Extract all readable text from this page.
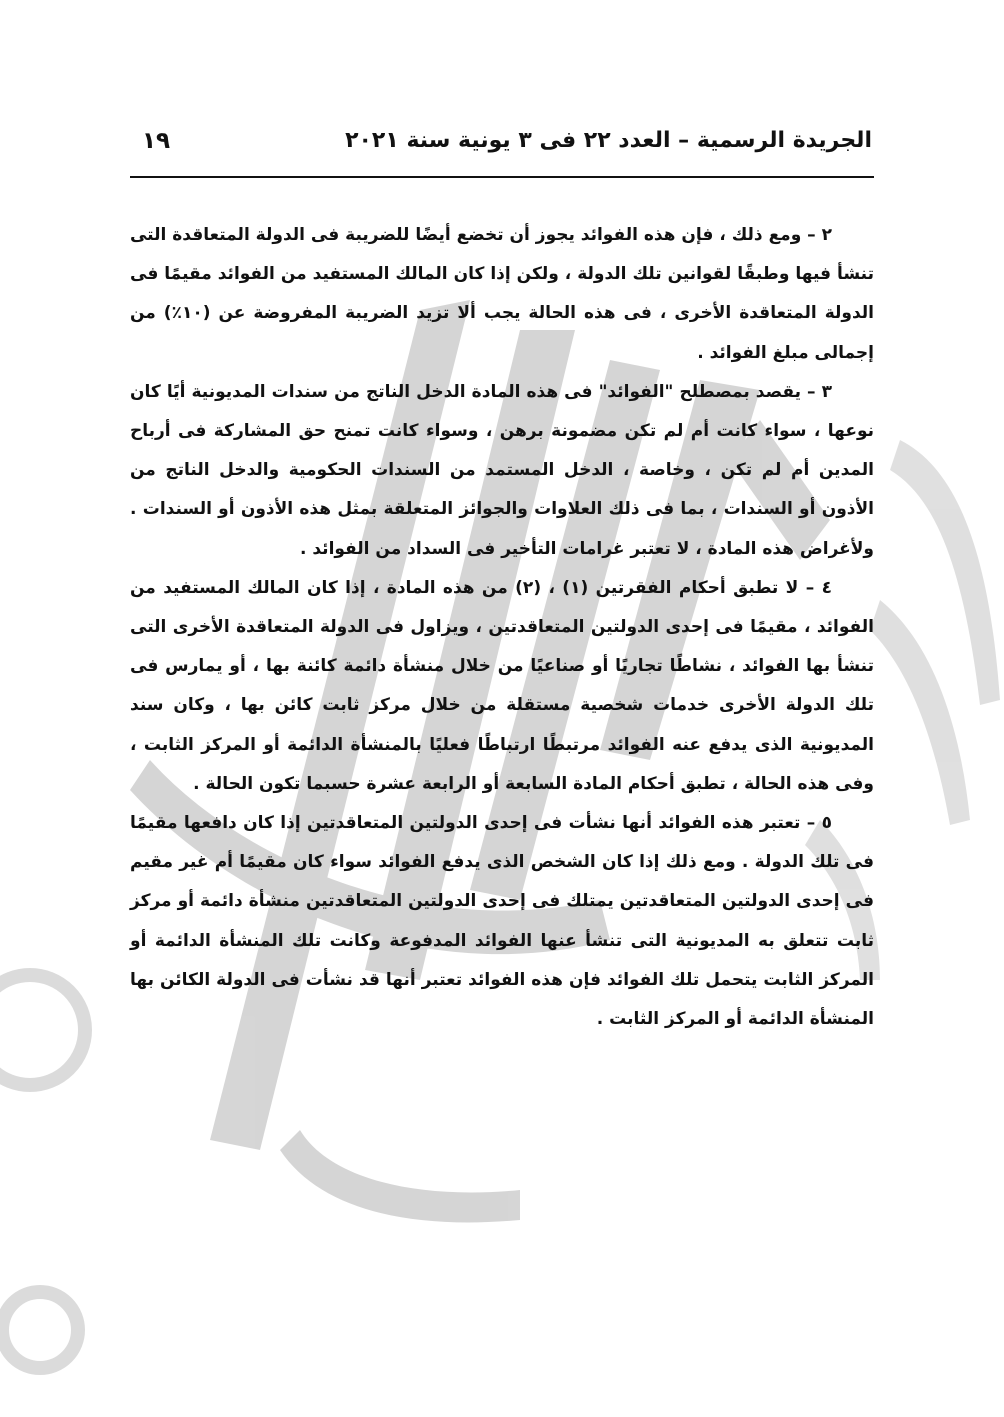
الجريدة الرسمية – العدد ٢٢ فى ٣ يونية سنة ٢٠٢١
١٩

٢ – ومع ذلك ، فإن هذه الفوائد يجوز أن تخضع أيضًا للضريبة فى الدولة المتعاقدة التى تنشأ فيها وطبقًا لقوانين تلك الدولة ، ولكن إذا كان المالك المستفيد من الفوائد مقيمًا فى الدولة المتعاقدة الأخرى ، فى هذه الحالة يجب ألا تزيد الضريبة المفروضة عن (١٠٪) من إجمالى مبلغ الفوائد .

٣ – يقصد بمصطلح "الفوائد" فى هذه المادة الدخل الناتج من سندات المديونية أيًا كان نوعها ، سواء كانت أم لم تكن مضمونة برهن ، وسواء كانت تمنح حق المشاركة فى أرباح المدين أم لم تكن ، وخاصة ، الدخل المستمد من السندات الحكومية والدخل الناتج من الأذون أو السندات ، بما فى ذلك العلاوات والجوائز المتعلقة بمثل هذه الأذون أو السندات . ولأغراض هذه المادة ، لا تعتبر غرامات التأخير فى السداد من الفوائد .

٤ – لا تطبق أحكام الفقرتين (١) ، (٢) من هذه المادة ، إذا كان المالك المستفيد من الفوائد ، مقيمًا فى إحدى الدولتين المتعاقدتين ، ويزاول فى الدولة المتعاقدة الأخرى التى تنشأ بها الفوائد ، نشاطًا تجاريًا أو صناعيًا من خلال منشأة دائمة كائنة بها ، أو يمارس فى تلك الدولة الأخرى خدمات شخصية مستقلة من خلال مركز ثابت كائن بها ، وكان سند المديونية الذى يدفع عنه الفوائد مرتبطًا ارتباطًا فعليًا بالمنشأة الدائمة أو المركز الثابت ، وفى هذه الحالة ، تطبق أحكام المادة السابعة أو الرابعة عشرة حسبما تكون الحالة .

٥ – تعتبر هذه الفوائد أنها نشأت فى إحدى الدولتين المتعاقدتين إذا كان دافعها مقيمًا فى تلك الدولة . ومع ذلك إذا كان الشخص الذى يدفع الفوائد سواء كان مقيمًا أم غير مقيم فى إحدى الدولتين المتعاقدتين يمتلك فى إحدى الدولتين المتعاقدتين منشأة دائمة أو مركز ثابت تتعلق به المديونية التى تنشأ عنها الفوائد المدفوعة وكانت تلك المنشأة الدائمة أو المركز الثابت يتحمل تلك الفوائد فإن هذه الفوائد تعتبر أنها قد نشأت فى الدولة الكائن بها المنشأة الدائمة أو المركز الثابت .
